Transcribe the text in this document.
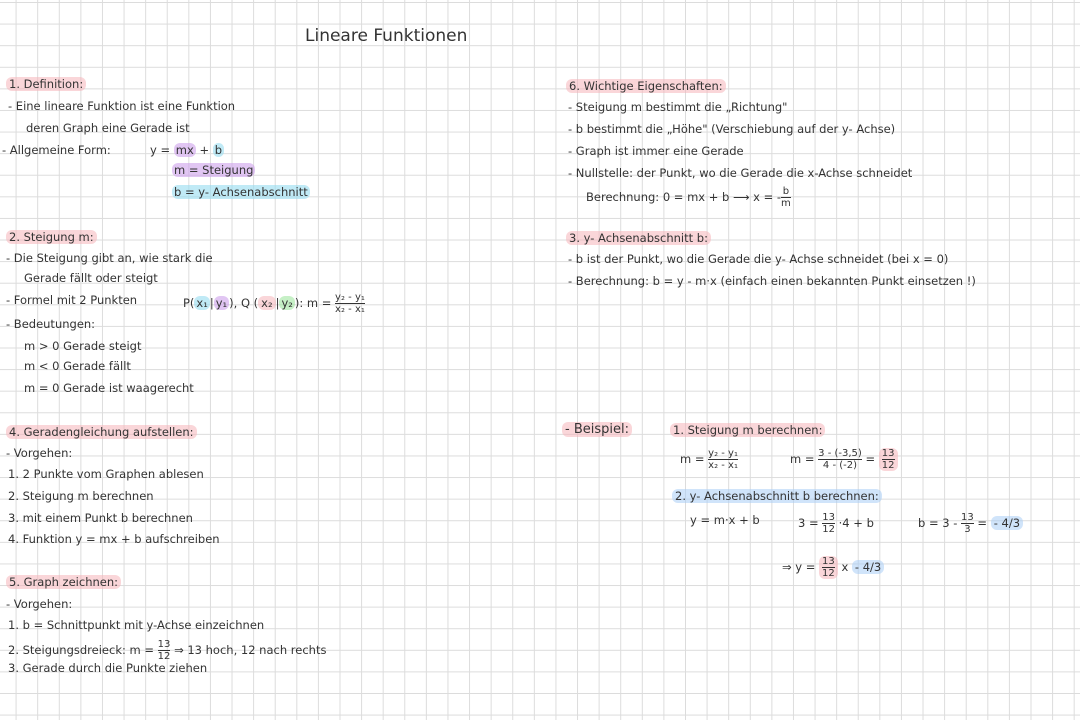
Lineare Funktionen
1. Definition:
- Eine lineare Funktion ist eine Funktion
deren Graph eine Gerade ist
- Allgemeine Form:	y = mx + b
m = Steigung
b = y- Achsenabschnitt
2. Steigung m:
- Die Steigung gibt an, wie stark die
Gerade fällt oder steigt
- Formel mit 2 Punkten	P( x₁ | y₁ ), Q ( x₂ | y₂ ): $m = \frac{\text{y₂ - y₁}}{\text{x₂ - x₁}}$
- Bedeutungen:
m > 0 Gerade steigt
m < 0 Gerade fällt
m = 0 Gerade ist waagerecht
4. Geradengleichung aufstellen:
- Vorgehen:
1. 2 Punkte vom Graphen ablesen
2. Steigung m berechnen
3. mit einem Punkt b berechnen
4. Funktion y = mx + b aufschreiben
5. Graph zeichnen:
- Vorgehen:
1. b = Schnittpunkt mit y-Achse einzeichnen
2. Steigungsdreieck: $m = \frac{13}{12}$ ⇒ 13 hoch, 12 nach rechts
3. Gerade durch die Punkte ziehen
6. Wichtige Eigenschaften:
- Steigung m bestimmt die „Richtung"
- b bestimmt die „Höhe" (Verschiebung auf der y- Achse)
- Graph ist immer eine Gerade
- Nullstelle: der Punkt, wo die Gerade die x-Achse schneidet
Berechnung: 0 = mx + b ⟶ x = - $\frac{b}{m}$
3. y- Achsenabschnitt b:
- b ist der Punkt, wo die Gerade die y- Achse schneidet (bei x = 0)
- Berechnung: b = y - m·x (einfach einen bekannten Punkt einsetzen !)
- Beispiel:	1. Steigung m berechnen:
$m = \frac{\text{y₂ - y₁}}{\text{x₂ - x₁}}$	$m = \frac{3 - (-3,5)}{4 - (-2)} = \frac{13}{12}$
2. y- Achsenabschnitt b berechnen:
y = m·x + b	$3 = \frac{13}{12} \cdot 4 + b$	$b = 3 - \frac{13}{3}$ = - 4/3
⇒ $y = \frac{13}{12}$ x - 4/3
